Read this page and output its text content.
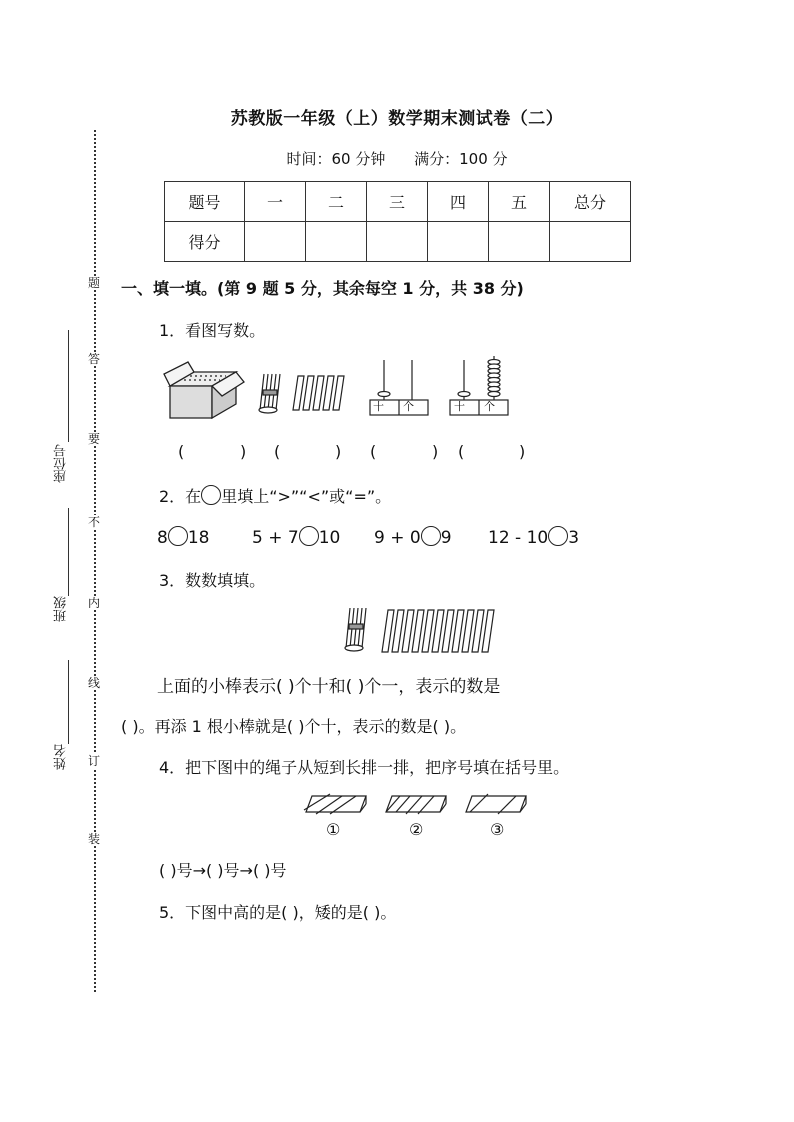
苏教版一年级（上）数学期末测试卷（二）
时间：60 分钟 满分：100 分
题号	一	二	三	四	五	总分
得分						
题
答
要
不
内
线
订
装
座位号
班级
姓名
一、填一填。(第 9 题 5 分，其余每空 1 分，共 38 分)
1．看图写数。
十 个	十 个
(	) (	) (	) (	)
2．在 里填上“>”“<”或“=”。
8 18	5 + 7 10 9 + 0 9 12 - 10 3
3．数数填填。
上面的小棒表示( )个十和( )个一，表示的数是
( )。再添 1 根小棒就是( )个十，表示的数是( )。
4．把下图中的绳子从短到长排一排，把序号填在括号里。
①	②	③
( )号→( )号→( )号
5．下图中高的是( )，矮的是( )。
